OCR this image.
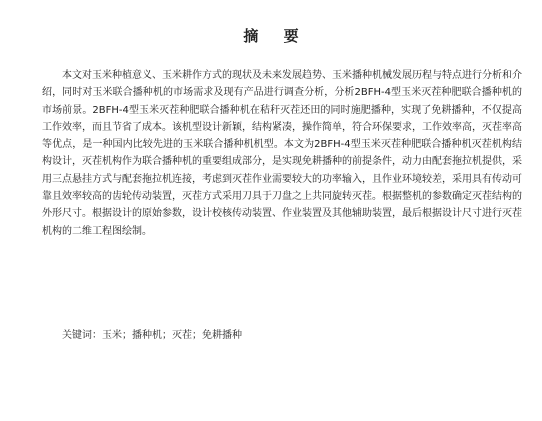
摘 要

本文对玉米种植意义、玉米耕作方式的现状及未来发展趋势、玉米播种机械发展历程与特点进行分析和介绍，同时对玉米联合播种机的市场需求及现有产品进行调查分析，分析2BFH-4型玉米灭茬种肥联合播种机的市场前景。2BFH-4型玉米灭茬种肥联合播种机在秸秆灭茬还田的同时施肥播种，实现了免耕播种，不仅提高工作效率，而且节省了成本。该机型设计新颖，结构紧凑，操作简单，符合环保要求，工作效率高，灭茬率高等优点，是一种国内比较先进的玉米联合播种机机型。本文为2BFH-4型玉米灭茬种肥联合播种机灭茬机构结构设计，灭茬机构作为联合播种机的重要组成部分，是实现免耕播种的前提条件，动力由配套拖拉机提供，采用三点悬挂方式与配套拖拉机连接，考虑到灭茬作业需要较大的功率输入，且作业环境较差，采用具有传动可靠且效率较高的齿轮传动装置，灭茬方式采用刀具于刀盘之上共同旋转灭茬。根据整机的参数确定灭茬结构的外形尺寸。根据设计的原始参数，设计校核传动装置、作业装置及其他辅助装置，最后根据设计尺寸进行灭茬机构的二维工程图绘制。

关键词：玉米；播种机；灭茬；免耕播种
